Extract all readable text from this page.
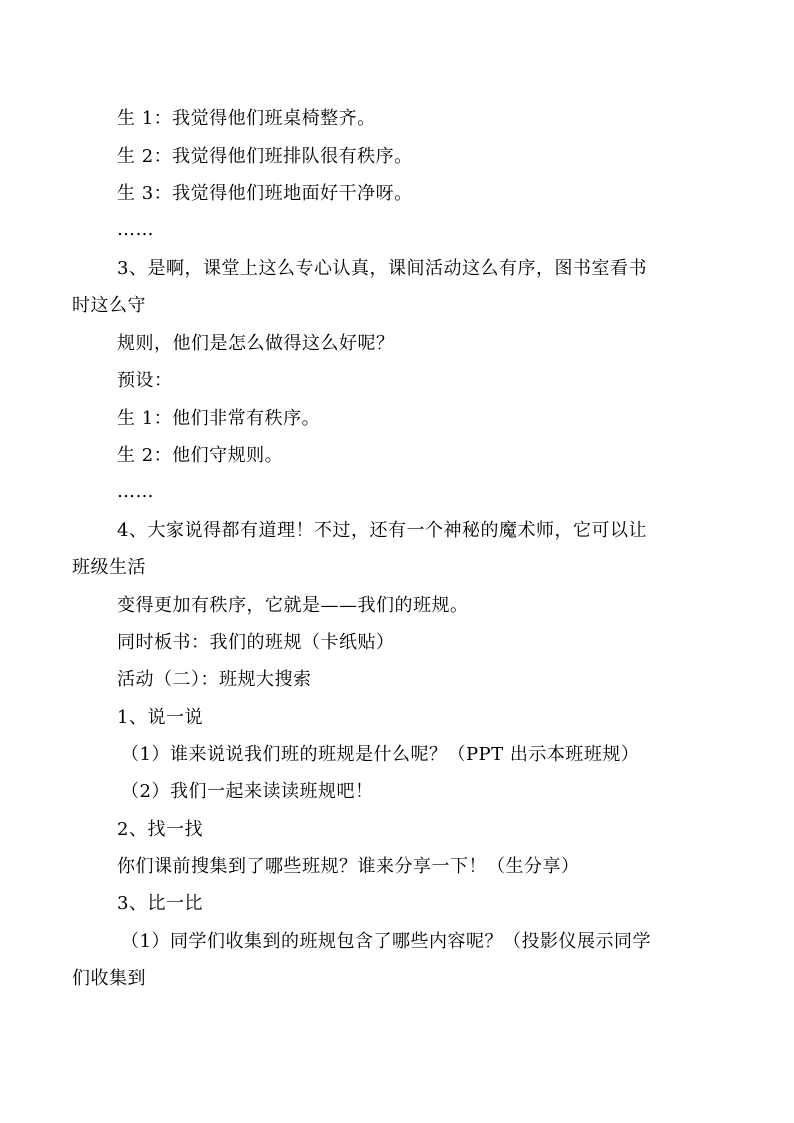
生 1：我觉得他们班桌椅整齐。
生 2：我觉得他们班排队很有秩序。
生 3：我觉得他们班地面好干净呀。
……
3、是啊，课堂上这么专心认真，课间活动这么有序，图书室看书
时这么守
规则，他们是怎么做得这么好呢？
预设：
生 1：他们非常有秩序。
生 2：他们守规则。
……
4、大家说得都有道理！不过，还有一个神秘的魔术师，它可以让
班级生活
变得更加有秩序，它就是——我们的班规。
同时板书：我们的班规（卡纸贴）
活动（二）：班规大搜索
1、说一说
（1）谁来说说我们班的班规是什么呢？（PPT 出示本班班规）
（2）我们一起来读读班规吧！
2、找一找
你们课前搜集到了哪些班规？谁来分享一下！（生分享）
3、比一比
（1）同学们收集到的班规包含了哪些内容呢？（投影仪展示同学
们收集到
